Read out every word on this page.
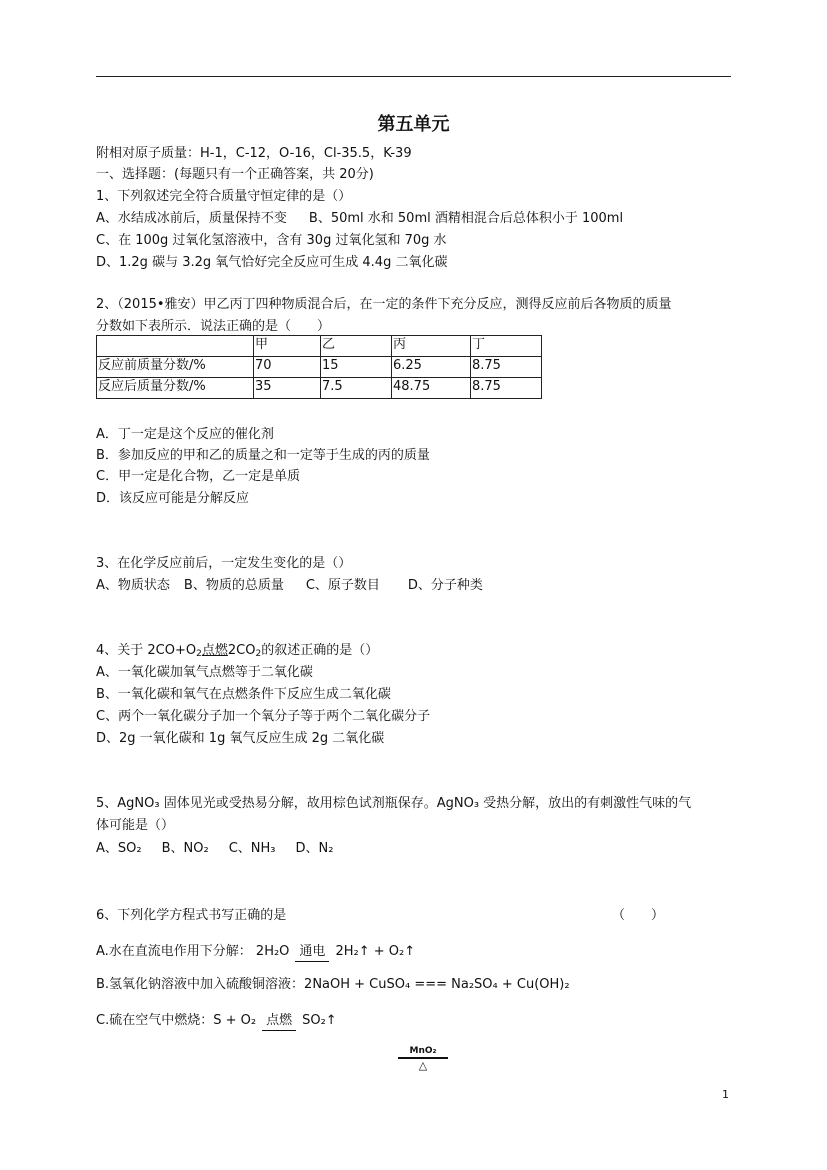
第五单元
附相对原子质量：H-1，C-12，O-16，Cl-35.5，K-39
一、选择题：(每题只有一个正确答案，共 20分)
1、下列叙述完全符合质量守恒定律的是（）
A、水结成冰前后，质量保持不变 B、50ml 水和 50ml 酒精相混合后总体积小于 100ml
C、在 100g 过氧化氢溶液中，含有 30g 过氧化氢和 70g 水
D、1.2g 碳与 3.2g 氧气恰好完全反应可生成 4.4g 二氧化碳
2、（2015•雅安）甲乙丙丁四种物质混合后，在一定的条件下充分反应，测得反应前后各物质的质量
分数如下表所示．说法正确的是（　　）
	甲	乙	丙	丁
反应前质量分数/%	70	15	6.25	8.75
反应后质量分数/%	35	7.5	48.75	8.75
A．丁一定是这个反应的催化剂
B．参加反应的甲和乙的质量之和一定等于生成的丙的质量
C．甲一定是化合物，乙一定是单质
D．该反应可能是分解反应
3、在化学反应前后，一定发生变化的是（）
A、物质状态 B、物质的总质量 C、原子数目 D、分子种类
4、关于 $2CO+O_2$点燃$2CO_2$的叙述正确的是（）
A、一氧化碳加氧气点燃等于二氧化碳
B、一氧化碳和氧气在点燃条件下反应生成二氧化碳
C、两个一氧化碳分子加一个氧分子等于两个二氧化碳分子
D、2g 一氧化碳和 1g 氧气反应生成 2g 二氧化碳
5、AgNO₃ 固体见光或受热易分解，故用棕色试剂瓶保存。AgNO₃ 受热分解，放出的有刺激性气味的气
体可能是（）
A、SO₂ B、NO₂ C、NH₃ D、N₂
6、下列化学方程式书写正确的是	（　　）
A.水在直流电作用下分解： 2H₂O 通电 2H₂↑ + O₂↑
B.氢氧化钠溶液中加入硫酸铜溶液：2NaOH + CuSO₄ === Na₂SO₄ + Cu(OH)₂
C.硫在空气中燃烧：S + O₂ 点燃 SO₂↑
MnO₂
△
1
